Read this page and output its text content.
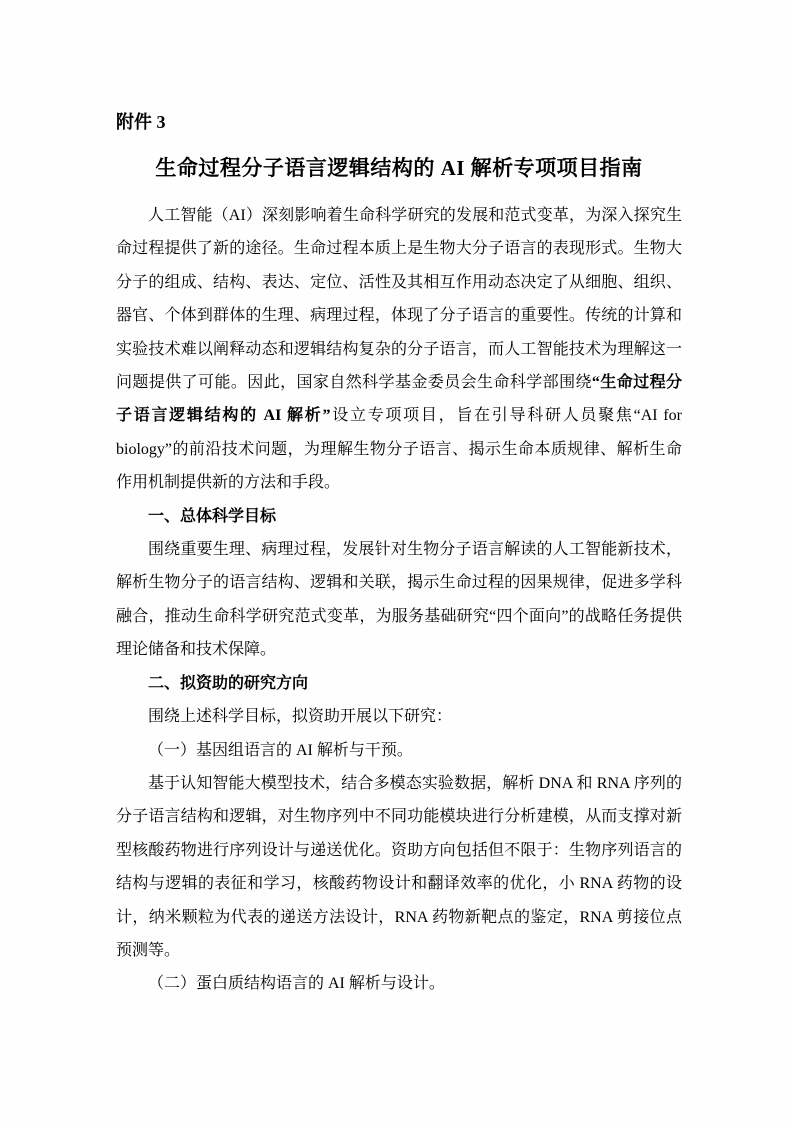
附件 3
生命过程分子语言逻辑结构的 AI 解析专项项目指南

人工智能（AI）深刻影响着生命科学研究的发展和范式变革，为深入探究生命过程提供了新的途径。生命过程本质上是生物大分子语言的表现形式。生物大分子的组成、结构、表达、定位、活性及其相互作用动态决定了从细胞、组织、器官、个体到群体的生理、病理过程，体现了分子语言的重要性。传统的计算和实验技术难以阐释动态和逻辑结构复杂的分子语言，而人工智能技术为理解这一问题提供了可能。因此，国家自然科学基金委员会生命科学部围绕“生命过程分子语言逻辑结构的 AI 解析”设立专项项目，旨在引导科研人员聚焦“AI for biology”的前沿技术问题，为理解生物分子语言、揭示生命本质规律、解析生命作用机制提供新的方法和手段。

一、总体科学目标

围绕重要生理、病理过程，发展针对生物分子语言解读的人工智能新技术，解析生物分子的语言结构、逻辑和关联，揭示生命过程的因果规律，促进多学科融合，推动生命科学研究范式变革，为服务基础研究“四个面向”的战略任务提供理论储备和技术保障。

二、拟资助的研究方向

围绕上述科学目标，拟资助开展以下研究：

（一）基因组语言的 AI 解析与干预。

基于认知智能大模型技术，结合多模态实验数据，解析 DNA 和 RNA 序列的分子语言结构和逻辑，对生物序列中不同功能模块进行分析建模，从而支撑对新型核酸药物进行序列设计与递送优化。资助方向包括但不限于：生物序列语言的结构与逻辑的表征和学习，核酸药物设计和翻译效率的优化，小 RNA 药物的设计，纳米颗粒为代表的递送方法设计，RNA 药物新靶点的鉴定，RNA 剪接位点预测等。

（二）蛋白质结构语言的 AI 解析与设计。
